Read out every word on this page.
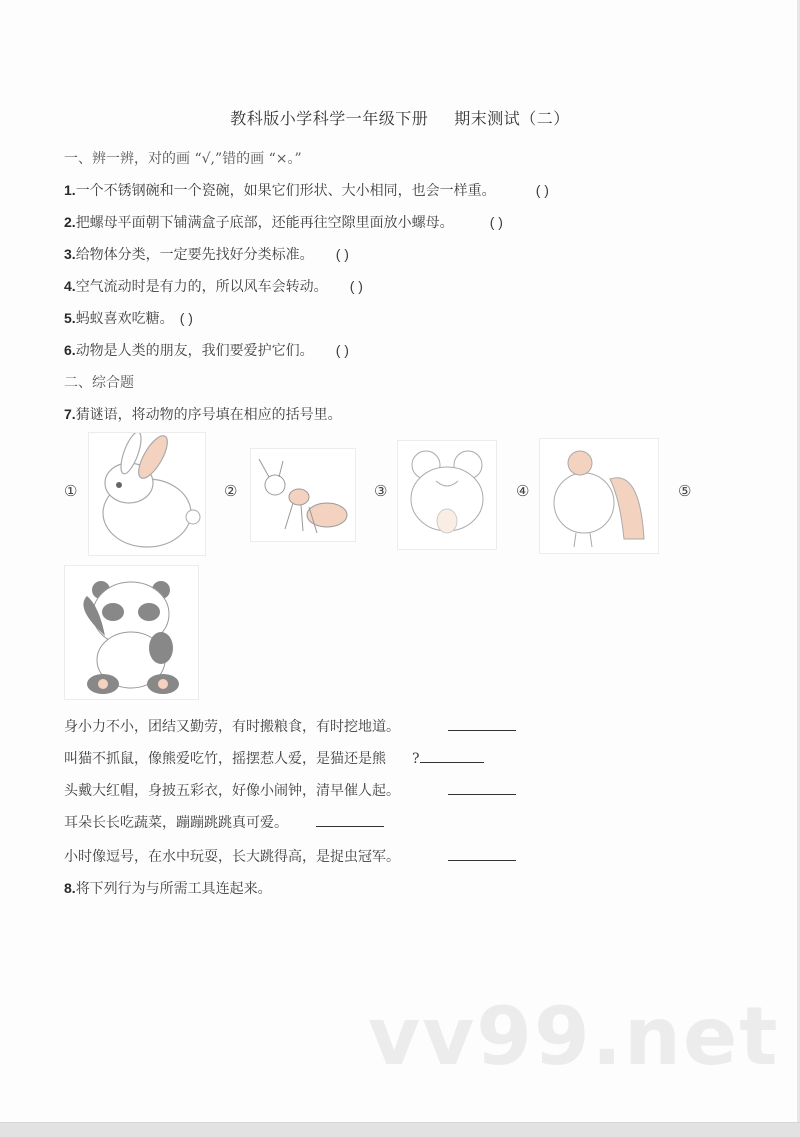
教科版小学科学一年级下册 期末测试（二）
一、辨一辨，对的画 “√,”错的画 “×。”
1.一个不锈钢碗和一个瓷碗，如果它们形状、大小相同，也会一样重。	( )
2.把螺母平面朝下铺满盒子底部，还能再往空隙里面放小螺母。	( )
3.给物体分类，一定要先找好分类标准。 ( )
4.空气流动时是有力的，所以风车会转动。 ( )
5.蚂蚁喜欢吃糖。 ( )
6.动物是人类的朋友，我们要爱护它们。 ( )
二、综合题
7.猜谜语，将动物的序号填在相应的括号里。
①	②	③	④	⑤
身小力不小，团结又勤劳，有时搬粮食，有时挖地道。
叫猫不抓鼠，像熊爱吃竹，摇摆惹人爱，是猫还是熊 ?
头戴大红帽，身披五彩衣，好像小闹钟，清早催人起。
耳朵长长吃蔬菜，蹦蹦跳跳真可爱。
小时像逗号，在水中玩耍，长大跳得高，是捉虫冠军。
8.将下列行为与所需工具连起来。
vv99.net
